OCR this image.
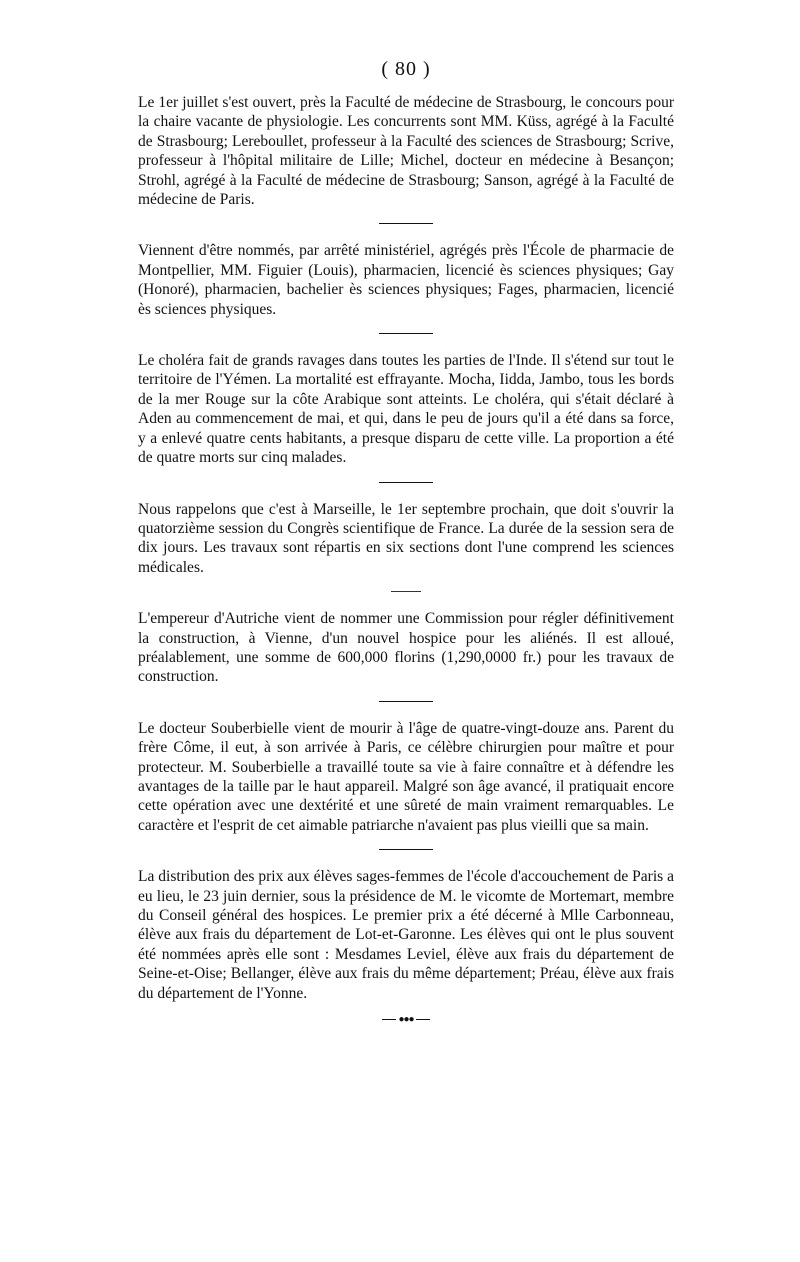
( 80 )

Le 1er juillet s'est ouvert, près la Faculté de médecine de Strasbourg, le concours pour la chaire vacante de physiologie. Les concurrents sont MM. Küss, agrégé à la Faculté de Strasbourg; Lereboullet, professeur à la Faculté des sciences de Strasbourg; Scrive, professeur à l'hôpital militaire de Lille; Michel, docteur en médecine à Besançon; Strohl, agrégé à la Faculté de médecine de Strasbourg; Sanson, agrégé à la Faculté de médecine de Paris.

Viennent d'être nommés, par arrêté ministériel, agrégés près l'École de pharmacie de Montpellier, MM. Figuier (Louis), pharmacien, licencié ès sciences physiques; Gay (Honoré), pharmacien, bachelier ès sciences physiques; Fages, pharmacien, licencié ès sciences physiques.

Le choléra fait de grands ravages dans toutes les parties de l'Inde. Il s'étend sur tout le territoire de l'Yémen. La mortalité est effrayante. Mocha, Iidda, Jambo, tous les bords de la mer Rouge sur la côte Arabique sont atteints. Le choléra, qui s'était déclaré à Aden au commencement de mai, et qui, dans le peu de jours qu'il a été dans sa force, y a enlevé quatre cents habitants, a presque disparu de cette ville. La proportion a été de quatre morts sur cinq malades.

Nous rappelons que c'est à Marseille, le 1er septembre prochain, que doit s'ouvrir la quatorzième session du Congrès scientifique de France. La durée de la session sera de dix jours. Les travaux sont répartis en six sections dont l'une comprend les sciences médicales.

L'empereur d'Autriche vient de nommer une Commission pour régler définitivement la construction, à Vienne, d'un nouvel hospice pour les aliénés. Il est alloué, préalablement, une somme de 600,000 florins (1,290,0000 fr.) pour les travaux de construction.

Le docteur Souberbielle vient de mourir à l'âge de quatre-vingt-douze ans. Parent du frère Côme, il eut, à son arrivée à Paris, ce célèbre chirurgien pour maître et pour protecteur. M. Souberbielle a travaillé toute sa vie à faire connaître et à défendre les avantages de la taille par le haut appareil. Malgré son âge avancé, il pratiquait encore cette opération avec une dextérité et une sûreté de main vraiment remarquables. Le caractère et l'esprit de cet aimable patriarche n'avaient pas plus vieilli que sa main.

La distribution des prix aux élèves sages-femmes de l'école d'accouchement de Paris a eu lieu, le 23 juin dernier, sous la présidence de M. le vicomte de Mortemart, membre du Conseil général des hospices. Le premier prix a été décerné à Mlle Carbonneau, élève aux frais du département de Lot-et-Garonne. Les élèves qui ont le plus souvent été nommées après elle sont : Mesdames Leviel, élève aux frais du département de Seine-et-Oise; Bellanger, élève aux frais du même département; Préau, élève aux frais du département de l'Yonne.

●●●
